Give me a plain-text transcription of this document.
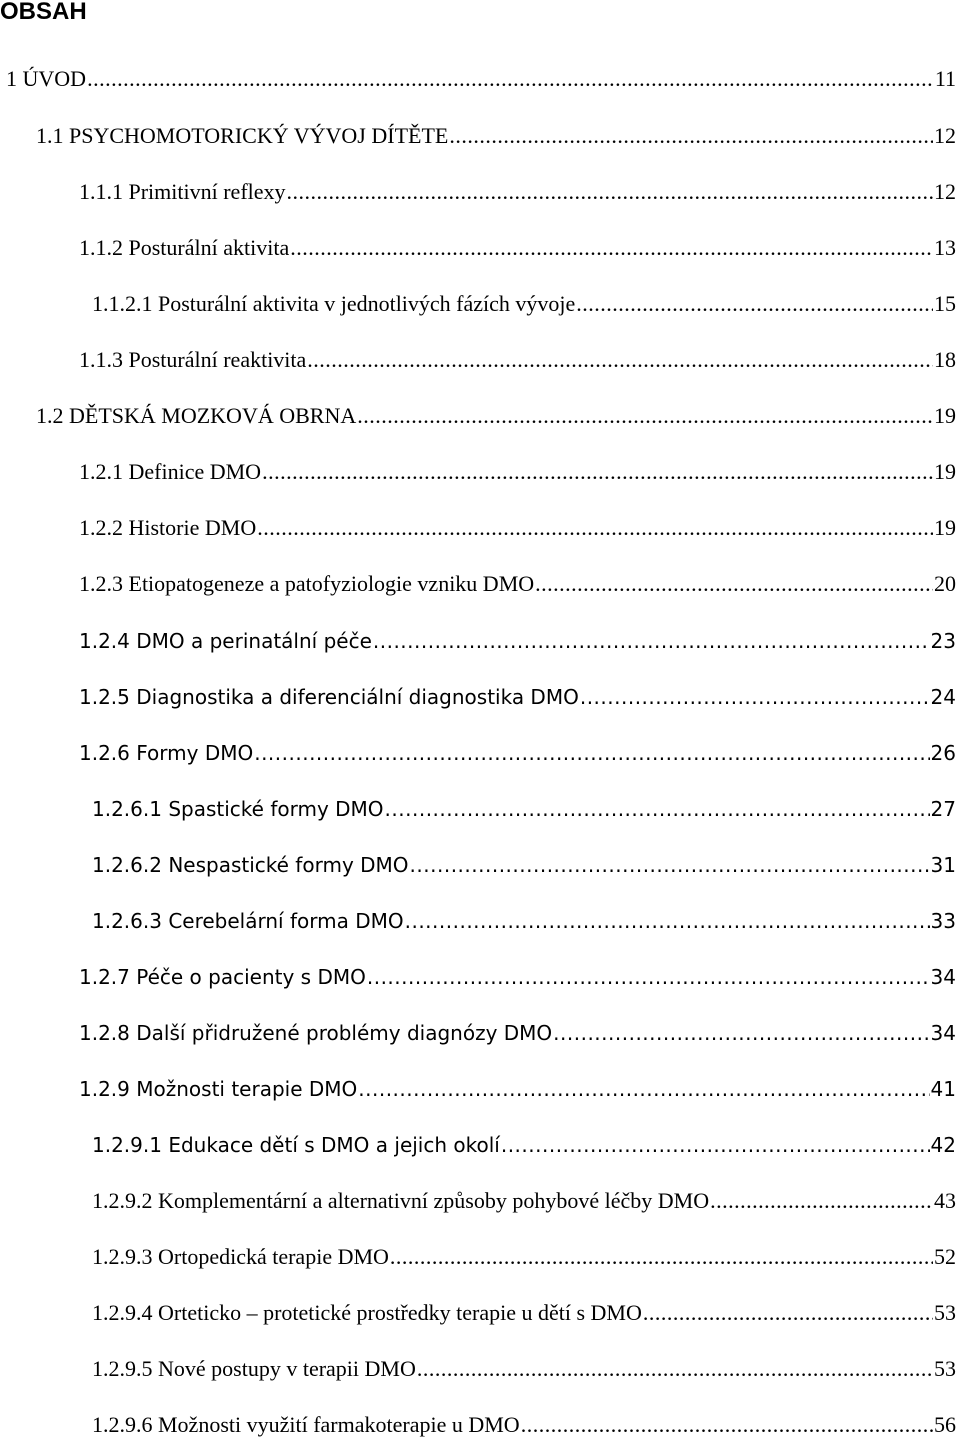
OBSAH
1 ÚVOD .....	11
1.1 PSYCHOMOTORICKÝ VÝVOJ DÍTĚTE .....	12
1.1.1 Primitivní reflexy .....	12
1.1.2 Posturální aktivita .....	13
1.1.2.1 Posturální aktivita v jednotlivých fázích vývoje .....	15
1.1.3 Posturální reaktivita .....	18
1.2 DĚTSKÁ MOZKOVÁ OBRNA .....	19
1.2.1 Definice DMO .....	19
1.2.2 Historie DMO .....	19
1.2.3 Etiopatogeneze a patofyziologie vzniku DMO .....	20
1.2.4 DMO a perinatální péče .....	23
1.2.5 Diagnostika a diferenciální diagnostika DMO .....	24
1.2.6 Formy DMO .....	26
1.2.6.1 Spastické formy DMO .....	27
1.2.6.2 Nespastické formy DMO .....	31
1.2.6.3 Cerebelární forma DMO .....	33
1.2.7 Péče o pacienty s DMO .....	34
1.2.8 Další přidružené problémy diagnózy DMO .....	34
1.2.9 Možnosti terapie DMO .....	41
1.2.9.1 Edukace dětí s DMO a jejich okolí .....	42
1.2.9.2 Komplementární a alternativní způsoby pohybové léčby DMO .....	43
1.2.9.3 Ortopedická terapie DMO .....	52
1.2.9.4 Orteticko – protetické prostředky terapie u dětí s DMO .....	53
1.2.9.5 Nové postupy v terapii DMO .....	53
1.2.9.6 Možnosti využití farmakoterapie u DMO .....	56
